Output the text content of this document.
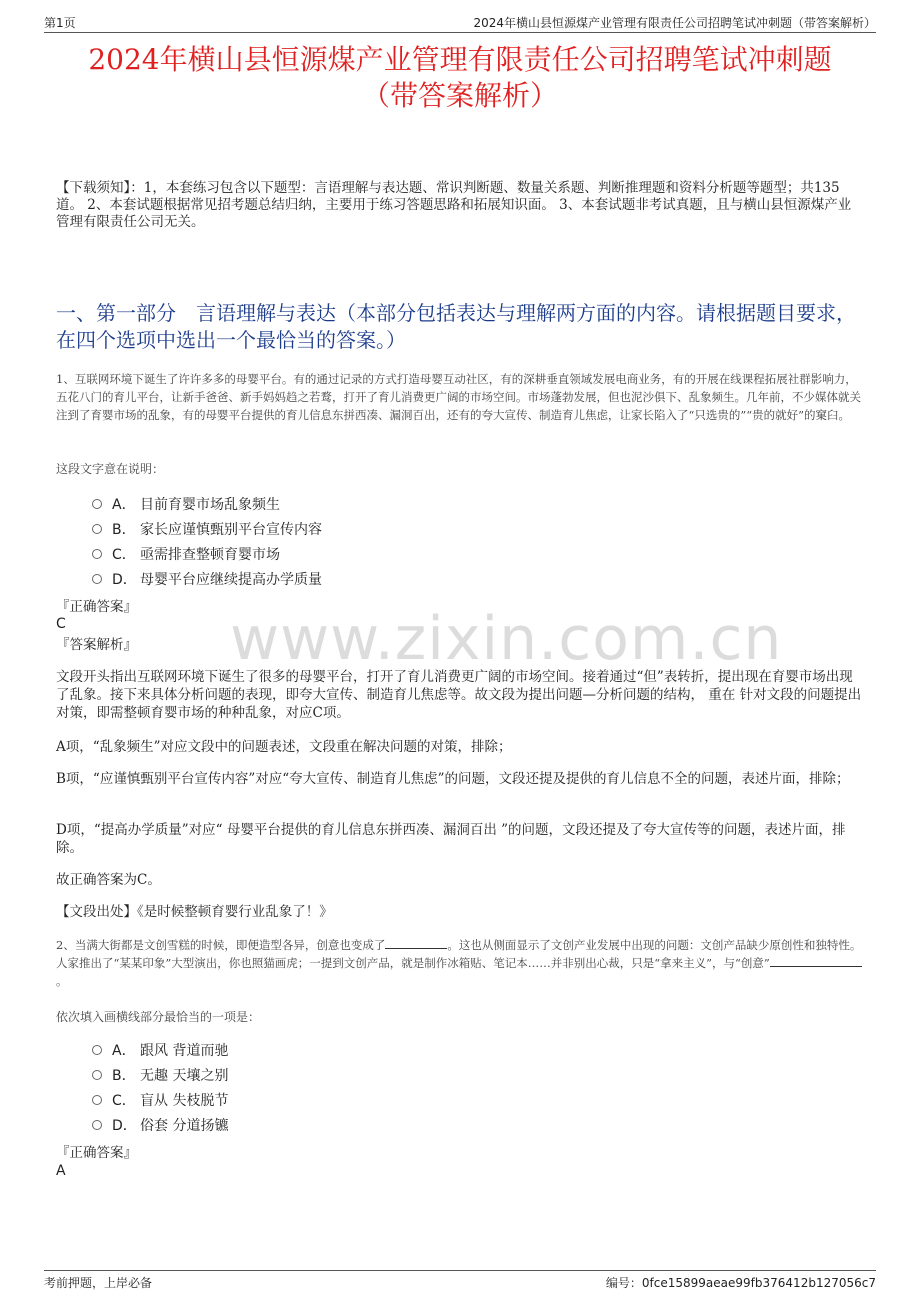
第1页	2024年横山县恒源煤产业管理有限责任公司招聘笔试冲刺题（带答案解析）
2024年横山县恒源煤产业管理有限责任公司招聘笔试冲刺题
（带答案解析）
【下载须知】：1，本套练习包含以下题型：言语理解与表达题、常识判断题、数量关系题、判断推理题和资料分析题等题型；共135道。 2、本套试题根据常见招考题总结归纳，主要用于练习答题思路和拓展知识面。 3、本套试题非考试真题，且与横山县恒源煤产业管理有限责任公司无关。
一、第一部分　言语理解与表达（本部分包括表达与理解两方面的内容。请根据题目要求，在四个选项中选出一个最恰当的答案。）
www.zixin.com.cn
1、互联网环境下诞生了许许多多的母婴平台。有的通过记录的方式打造母婴互动社区，有的深耕垂直领域发展电商业务，有的开展在线课程拓展社群影响力，五花八门的育儿平台，让新手爸爸、新手妈妈趋之若鹜，打开了育儿消费更广阔的市场空间。市场蓬勃发展，但也泥沙俱下、乱象频生。几年前，不少媒体就关注到了育婴市场的乱象，有的母婴平台提供的育儿信息东拼西凑、漏洞百出，还有的夸大宣传、制造育儿焦虑，让家长陷入了“只选贵的”“贵的就好”的窠臼。
这段文字意在说明：
A． 目前育婴市场乱象频生
B． 家长应谨慎甄别平台宣传内容
C． 亟需排查整顿育婴市场
D． 母婴平台应继续提高办学质量
『正确答案』
C
『答案解析』
文段开头指出互联网环境下诞生了很多的母婴平台，打开了育儿消费更广阔的市场空间。接着通过“但”表转折，提出现在育婴市场出现了乱象。接下来具体分析问题的表现，即夸大宣传、制造育儿焦虑等。故文段为提出问题—分析问题的结构， 重在 针对文段的问题提出对策，即需整顿育婴市场的种种乱象，对应C项。
A项，“乱象频生”对应文段中的问题表述，文段重在解决问题的对策，排除；
B项，“应谨慎甄别平台宣传内容”对应“夸大宣传、制造育儿焦虑”的问题，文段还提及提供的育儿信息不全的问题，表述片面，排除；
D项，“提高办学质量”对应“ 母婴平台提供的育儿信息东拼西凑、漏洞百出 ”的问题，文段还提及了夸大宣传等的问题，表述片面，排除。
故正确答案为C。
【文段出处】《是时候整顿育婴行业乱象了！》
2、当满大街都是文创雪糕的时候，即便造型各异，创意也变成了	。这也从侧面显示了文创产业发展中出现的问题：文创产品缺少原创性和独特性。人家推出了“某某印象”大型演出，你也照猫画虎；一提到文创产品，就是制作冰箱贴、笔记本……并非别出心裁，只是“拿来主义”，与“创意”。
依次填入画横线部分最恰当的一项是：
A． 跟风 背道而驰
B． 无趣 天壤之别
C． 盲从 失枝脱节
D． 俗套 分道扬镳
『正确答案』
A
考前押题，上岸必备	编号：0fce15899aeae99fb376412b127056c7
